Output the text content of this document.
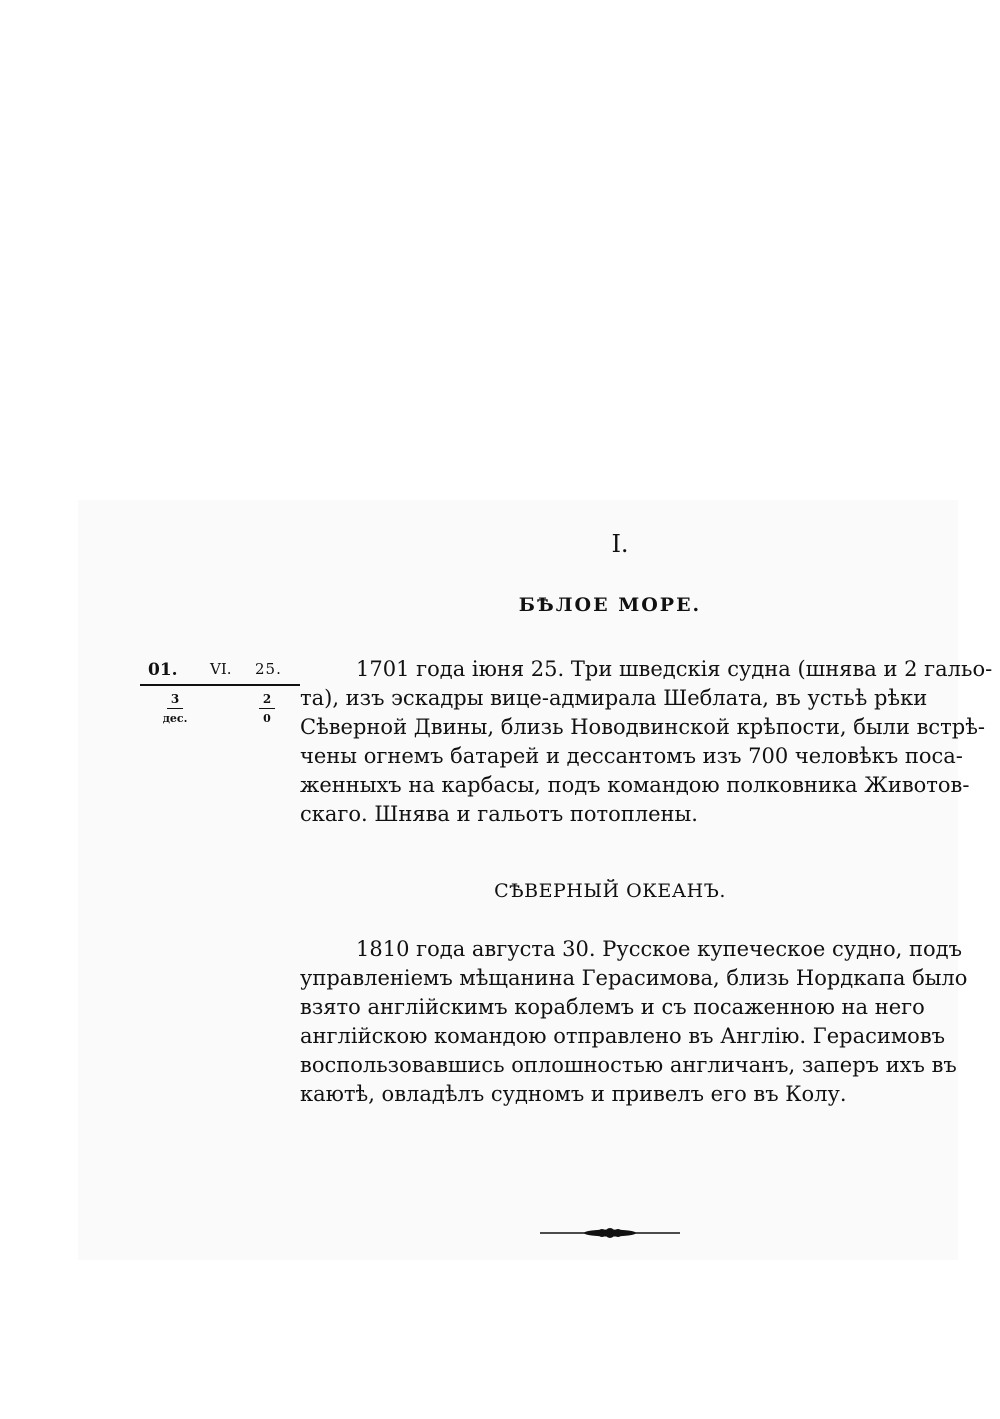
I.
БѢЛОЕ МОРЕ.
01. VI. 25.
3
дес.
2
0
1701 года іюня 25. Три шведскія судна (шнява и 2 гальо-
та), изъ эскадры вице-адмирала Шеблата, въ устьѣ рѣки
Сѣверной Двины, близь Новодвинской крѣпости, были встрѣ-
чены огнемъ батарей и дессантомъ изъ 700 человѣкъ поса-
женныхъ на карбасы, подъ командою полковника Животов-
скаго. Шнява и гальотъ потоплены.
СѢВЕРНЫЙ ОКЕАНЪ.
1810 года августа 30. Русское купеческое судно, подъ
управленіемъ мѣщанина Герасимова, близь Нордкапа было
взято англійскимъ кораблемъ и съ посаженною на него
англійскою командою отправлено въ Англію. Герасимовъ
воспользовавшись оплошностью англичанъ, заперъ ихъ въ
каютѣ, овладѣлъ судномъ и привелъ его въ Колу.
